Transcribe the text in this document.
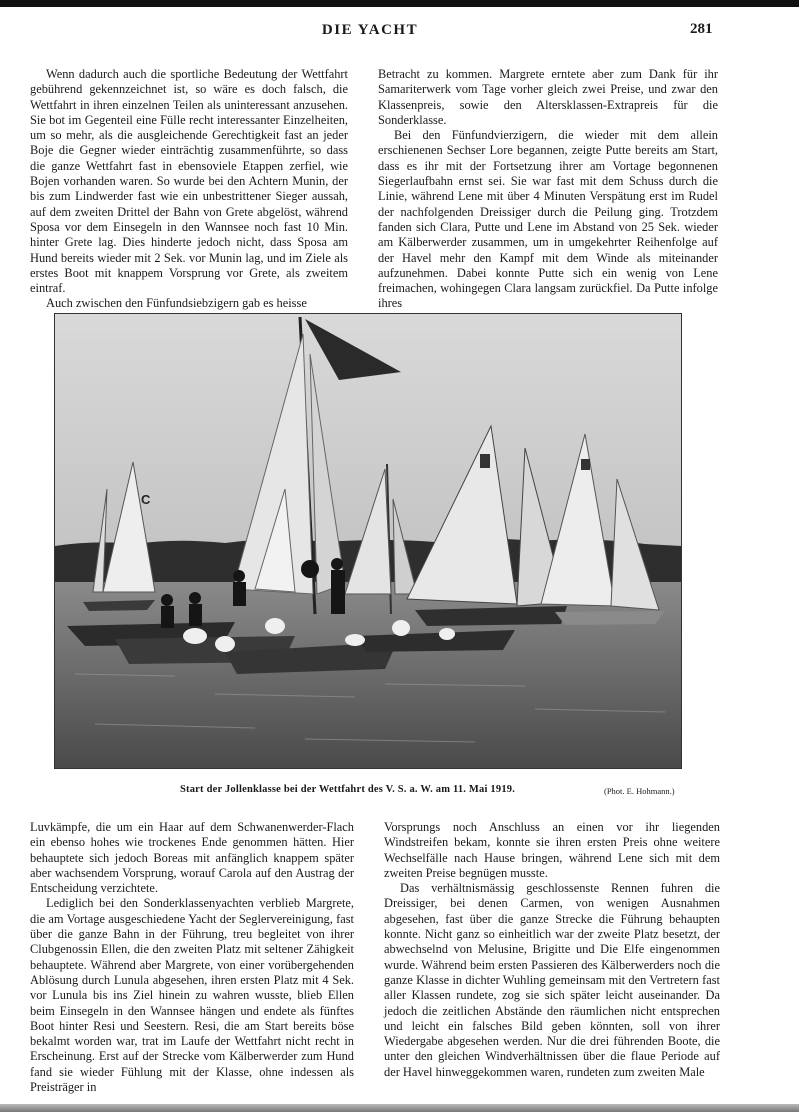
DIE YACHT	281

Wenn dadurch auch die sportliche Bedeutung der Wettfahrt gebührend gekennzeichnet ist, so wäre es doch falsch, die Wettfahrt in ihren einzelnen Teilen als uninteressant anzusehen. Sie bot im Gegenteil eine Fülle recht interessanter Einzelheiten, um so mehr, als die ausgleichende Gerechtigkeit fast an jeder Boje die Gegner wieder einträchtig zusammenführte, so dass die ganze Wettfahrt fast in ebensoviele Etappen zerfiel, wie Bojen vorhanden waren. So wurde bei den Achtern Munin, der bis zum Lindwerder fast wie ein unbestrittener Sieger aussah, auf dem zweiten Drittel der Bahn von Grete abgelöst, während Sposa vor dem Einsegeln in den Wannsee noch fast 10 Min. hinter Grete lag. Dies hinderte jedoch nicht, dass Sposa am Hund bereits wieder mit 2 Sek. vor Munin lag, und im Ziele als erstes Boot mit knappem Vorsprung vor Grete, als zweitem eintraf.

Auch zwischen den Fünfundsiebzigern gab es heisse

Betracht zu kommen. Margrete erntete aber zum Dank für ihr Samariterwerk vom Tage vorher gleich zwei Preise, und zwar den Klassenpreis, sowie den Altersklassen-Extrapreis für die Sonderklasse.

Bei den Fünfundvierzigern, die wieder mit dem allein erschienenen Sechser Lore begannen, zeigte Putte bereits am Start, dass es ihr mit der Fortsetzung ihrer am Vortage begonnenen Siegerlaufbahn ernst sei. Sie war fast mit dem Schuss durch die Linie, während Lene mit über 4 Minuten Verspätung erst im Rudel der nachfolgenden Dreissiger durch die Peilung ging. Trotzdem fanden sich Clara, Putte und Lene im Abstand von 25 Sek. wieder am Kälberwerder zusammen, um in umgekehrter Reihenfolge auf der Havel mehr den Kampf mit dem Winde als miteinander aufzunehmen. Dabei konnte Putte sich ein wenig von Lene freimachen, wohingegen Clara langsam zurückfiel. Da Putte infolge ihres

C
Start der Jollenklasse bei der Wettfahrt des V. S. a. W. am 11. Mai 1919.	(Phot. E. Hohmann.)

Luvkämpfe, die um ein Haar auf dem Schwanenwerder-Flach ein ebenso hohes wie trockenes Ende genommen hätten. Hier behauptete sich jedoch Boreas mit anfänglich knappem später aber wachsendem Vorsprung, worauf Carola auf den Austrag der Entscheidung verzichtete.

Lediglich bei den Sonderklassenyachten verblieb Margrete, die am Vortage ausgeschiedene Yacht der Seglervereinigung, fast über die ganze Bahn in der Führung, treu begleitet von ihrer Clubgenossin Ellen, die den zweiten Platz mit seltener Zähigkeit behauptete. Während aber Margrete, von einer vorübergehenden Ablösung durch Lunula abgesehen, ihren ersten Platz mit 4 Sek. vor Lunula bis ins Ziel hinein zu wahren wusste, blieb Ellen beim Einsegeln in den Wannsee hängen und endete als fünftes Boot hinter Resi und Seestern. Resi, die am Start bereits böse bekalmt worden war, trat im Laufe der Wettfahrt nicht recht in Erscheinung. Erst auf der Strecke vom Kälberwerder zum Hund fand sie wieder Fühlung mit der Klasse, ohne indessen als Preisträger in

Vorsprungs noch Anschluss an einen vor ihr liegenden Windstreifen bekam, konnte sie ihren ersten Preis ohne weitere Wechselfälle nach Hause bringen, während Lene sich mit dem zweiten Preise begnügen musste.

Das verhältnismässig geschlossenste Rennen fuhren die Dreissiger, bei denen Carmen, von wenigen Ausnahmen abgesehen, fast über die ganze Strecke die Führung behaupten konnte. Nicht ganz so einheitlich war der zweite Platz besetzt, der abwechselnd von Melusine, Brigitte und Die Elfe eingenommen wurde. Während beim ersten Passieren des Kälberwerders noch die ganze Klasse in dichter Wuhling gemeinsam mit den Vertretern fast aller Klassen rundete, zog sie sich später leicht auseinander. Da jedoch die zeitlichen Abstände den räumlichen nicht entsprechen und leicht ein falsches Bild geben könnten, soll von ihrer Wiedergabe abgesehen werden. Nur die drei führenden Boote, die unter den gleichen Windverhältnissen über die flaue Periode auf der Havel hinweggekommen waren, rundeten zum zweiten Male
